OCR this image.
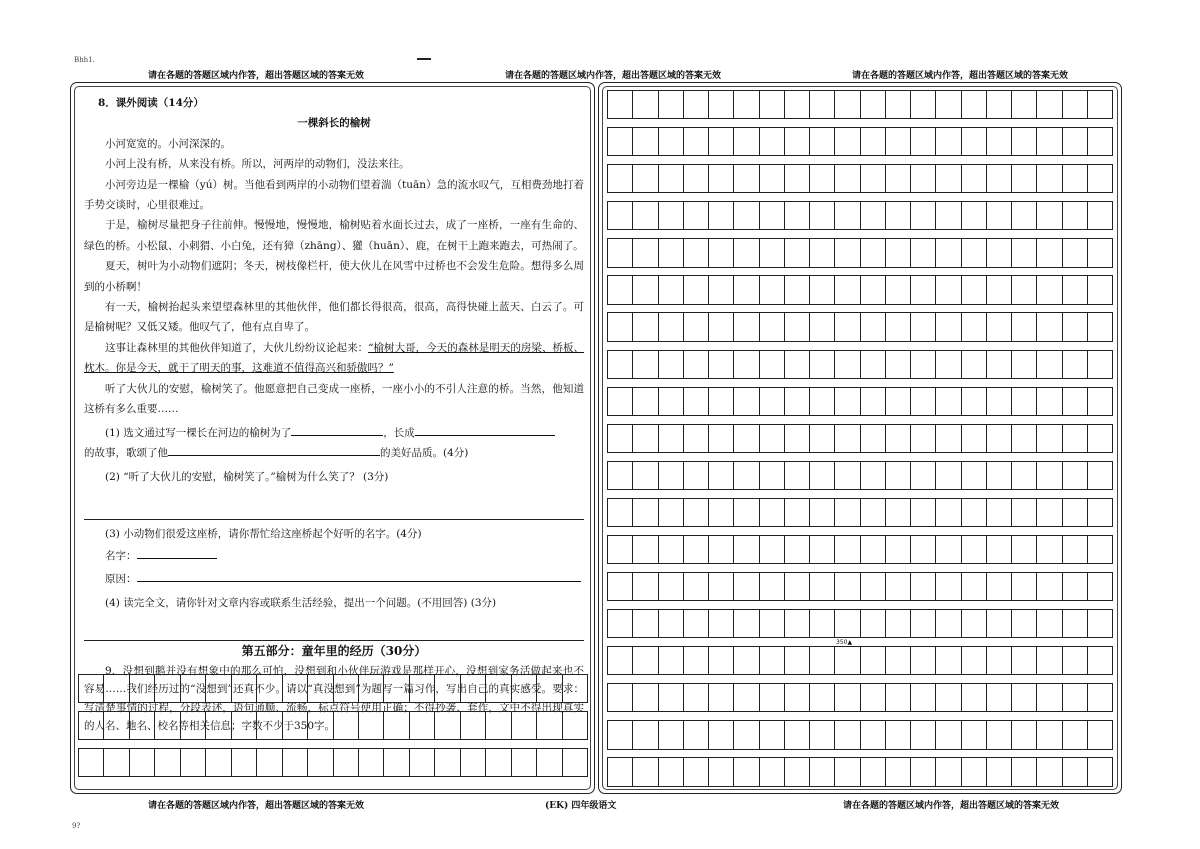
Bhh1.
9?
请在各题的答题区域内作答，超出答题区域的答案无效	请在各题的答题区域内作答，超出答题区域的答案无效	请在各题的答题区域内作答，超出答题区域的答案无效
请在各题的答题区域内作答，超出答题区域的答案无效	(EK) 四年级语文	请在各题的答题区域内作答，超出答题区域的答案无效

8．课外阅读（14分）

一棵斜长的榆树

小河宽宽的。小河深深的。

小河上没有桥，从来没有桥。所以，河两岸的动物们，没法来往。

小河旁边是一棵榆（yú）树。当他看到两岸的小动物们望着湍（tuān）急的流水叹气，互相费劲地打着手势交谈时，心里很难过。

于是，榆树尽量把身子往前伸。慢慢地，慢慢地，榆树贴着水面长过去，成了一座桥，一座有生命的、绿色的桥。小松鼠、小刺猬、小白兔，还有獐（zhāng）、獾（huān）、鹿，在树干上跑来跑去，可热闹了。

夏天，树叶为小动物们遮阴；冬天，树枝像栏杆，使大伙儿在风雪中过桥也不会发生危险。想得多么周到的小桥啊！

有一天，榆树抬起头来望望森林里的其他伙伴，他们都长得很高，很高，高得快碰上蓝天、白云了。可是榆树呢？又低又矮。他叹气了，他有点自卑了。

这事让森林里的其他伙伴知道了，大伙儿纷纷议论起来：“榆树大哥，今天的森林是明天的房梁、桥板、枕木。你是今天，就干了明天的事，这难道不值得高兴和骄傲吗？”

听了大伙儿的安慰，榆树笑了。他愿意把自己变成一座桥，一座小小的不引人注意的桥。当然，他知道这桥有多么重要……

(1) 选文通过写一棵长在河边的榆树为了	，长成

的故事，歌颂了他	的美好品质。(4分)

(2) “听了大伙儿的安慰，榆树笑了。”榆树为什么笑了？ (3分)

(3) 小动物们很爱这座桥，请你帮忙给这座桥起个好听的名字。(4分)

名字：

原因：

(4) 读完全文，请你针对文章内容或联系生活经验，提出一个问题。(不用回答) (3分)

第五部分：童年里的经历（30分）

9．没想到鹅并没有想象中的那么可怕，没想到和小伙伴玩游戏是那样开心，没想到家务活做起来也不容易……我们经历过的“没想到”还真不少。请以“真没想到”为题写一篇习作，写出自己的真实感受。要求：写清楚事情的过程，分段表述，语句通顺、流畅，标点符号使用正确；不得抄袭、套作，文中不得出现真实的人名、地名、校名等相关信息；字数不少于350字。

350▲
